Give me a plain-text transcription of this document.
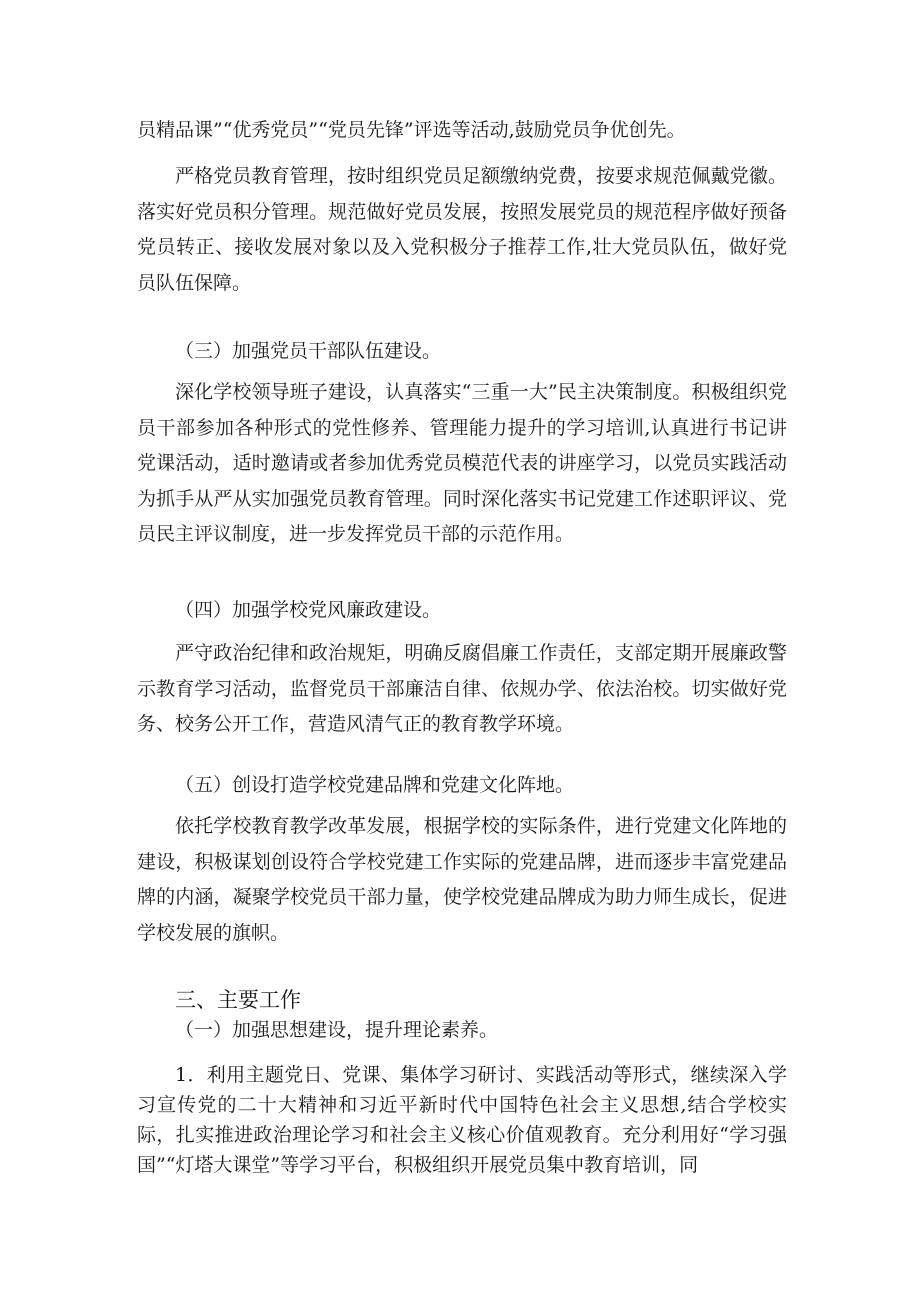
员精品课”“优秀党员”“党员先锋”评选等活动,鼓励党员争优创先。

严格党员教育管理，按时组织党员足额缴纳党费，按要求规范佩戴党徽。落实好党员积分管理。规范做好党员发展，按照发展党员的规范程序做好预备党员转正、接收发展对象以及入党积极分子推荐工作,壮大党员队伍，做好党员队伍保障。

（三）加强党员干部队伍建设。

深化学校领导班子建设，认真落实“三重一大”民主决策制度。积极组织党员干部参加各种形式的党性修养、管理能力提升的学习培训,认真进行书记讲党课活动，适时邀请或者参加优秀党员模范代表的讲座学习，以党员实践活动为抓手从严从实加强党员教育管理。同时深化落实书记党建工作述职评议、党员民主评议制度，进一步发挥党员干部的示范作用。

（四）加强学校党风廉政建设。

严守政治纪律和政治规矩，明确反腐倡廉工作责任，支部定期开展廉政警示教育学习活动，监督党员干部廉洁自律、依规办学、依法治校。切实做好党务、校务公开工作，营造风清气正的教育教学环境。

（五）创设打造学校党建品牌和党建文化阵地。

依托学校教育教学改革发展，根据学校的实际条件，进行党建文化阵地的建设，积极谋划创设符合学校党建工作实际的党建品牌，进而逐步丰富党建品牌的内涵，凝聚学校党员干部力量，使学校党建品牌成为助力师生成长，促进学校发展的旗帜。

三、主要工作

（一）加强思想建设，提升理论素养。

1．利用主题党日、党课、集体学习研讨、实践活动等形式，继续深入学习宣传党的二十大精神和习近平新时代中国特色社会主义思想,结合学校实际，扎实推进政治理论学习和社会主义核心价值观教育。充分利用好“学习强国”“灯塔大课堂”等学习平台，积极组织开展党员集中教育培训，同
